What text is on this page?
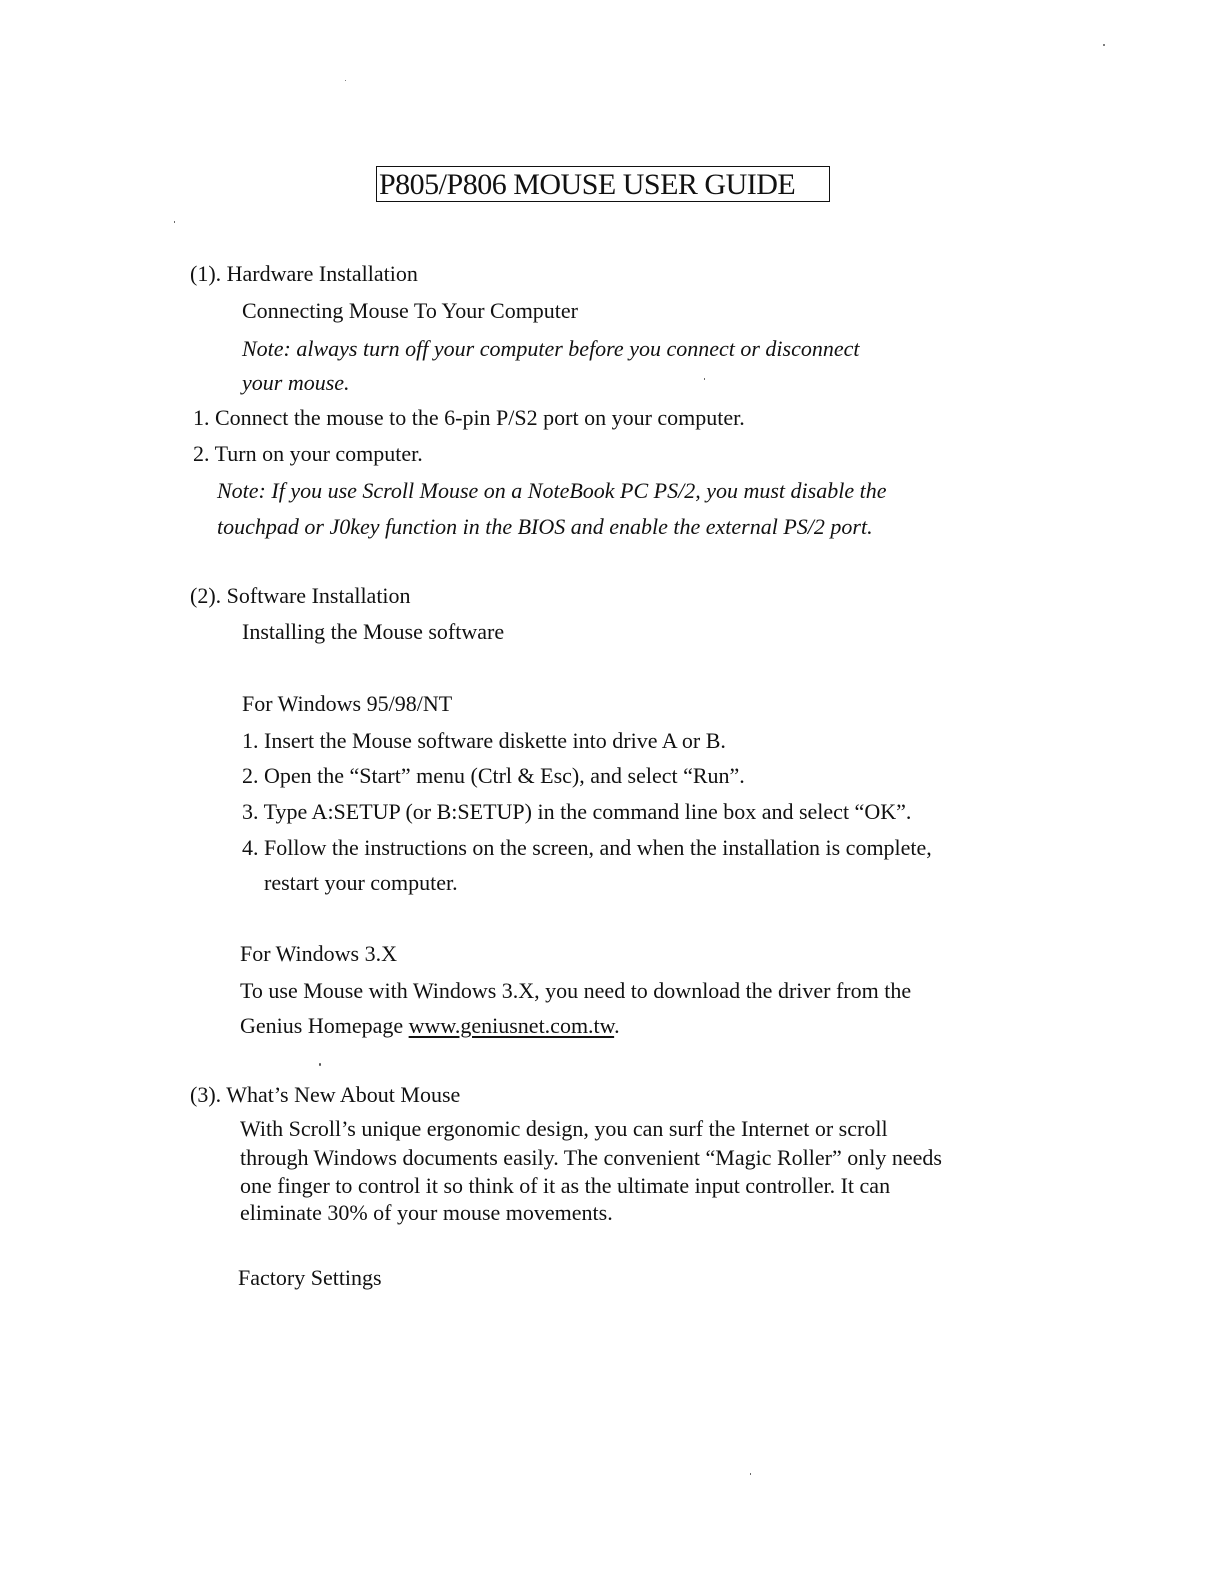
P805/P806 MOUSE USER GUIDE
(1). Hardware Installation
Connecting Mouse To Your Computer
Note: always turn off your computer before you connect or disconnect
your mouse.
1. Connect the mouse to the 6-pin P/S2 port on your computer.
2. Turn on your computer.
Note: If you use Scroll Mouse on a NoteBook PC PS/2, you must disable the
touchpad or J0key function in the BIOS and enable the external PS/2 port.
(2). Software Installation
Installing the Mouse software
For Windows 95/98/NT
1. Insert the Mouse software diskette into drive A or B.
2. Open the “Start” menu (Ctrl & Esc), and select “Run”.
3. Type A:SETUP (or B:SETUP) in the command line box and select “OK”.
4. Follow the instructions on the screen, and when the installation is complete,
restart your computer.
For Windows 3.X
To use Mouse with Windows 3.X, you need to download the driver from the
Genius Homepage www.geniusnet.com.tw.
(3). What’s New About Mouse
With Scroll’s unique ergonomic design, you can surf the Internet or scroll
through Windows documents easily. The convenient “Magic Roller” only needs
one finger to control it so think of it as the ultimate input controller. It can
eliminate 30% of your mouse movements.
Factory Settings
